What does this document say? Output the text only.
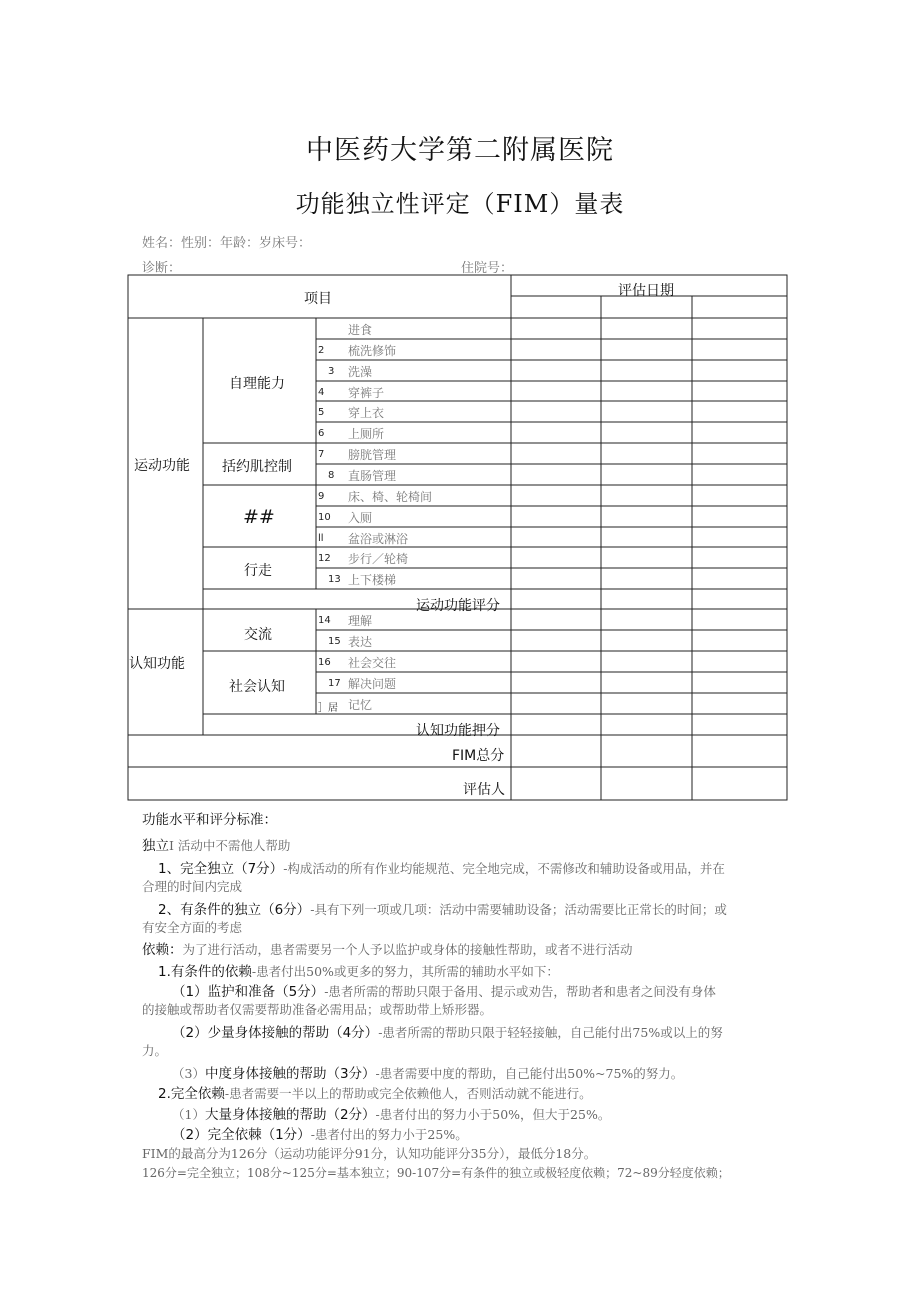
中医药大学第二附属医院
功能独立性评定（FIM）量表
姓名：性别：年龄：岁床号：
诊断：	住院号：
项目	评估日期
运动功能
自理能力
括约肌控制
##
行走
运动功能评分
认知功能
交流
社会认知
认知功能押分
FIM总分
评估人
进食
2 梳洗修饰
3 洗澡
4 穿裤子
5 穿上衣
6 上厕所
7 膀胱管理
8 直肠管理
9 床、椅、轮椅间
10 入厕
ll 盆浴或淋浴
12 步行／轮椅
13 上下楼梯
14 理解
15 表达
16 社会交往
17 解决问题
］居 记忆
功能水平和评分标准：
独立I 活动中不需他人帮助
1、完全独立（7分）-构成活动的所有作业均能规范、完全地完成，不需修改和辅助设备或用品，并在
合理的时间内完成
2、有条件的独立（6分）-具有下列一项或几项：活动中需要辅助设备；活动需要比正常长的时间；或
有安全方面的考虑
依赖：为了进行活动，患者需要另一个人予以监护或身体的接触性帮助，或者不进行活动
1.有条件的依赖-患者付出50%或更多的努力，其所需的辅助水平如下：
（1）监护和准备（5分）-患者所需的帮助只限于备用、提示或劝告，帮助者和患者之间没有身体
的接触或帮助者仅需要帮助准备必需用品；或帮助带上矫形器。
（2）少量身体接触的帮助（4分）-患者所需的帮助只限于轻轻接触，自己能付出75%或以上的努
力。
（3）中度身体接触的帮助（3分）-患者需要中度的帮助，自己能付出50%~75%的努力。
2.完全依赖-患者需要一半以上的帮助或完全依赖他人，否则活动就不能进行。
（1）大量身体接触的帮助（2分）-患者付出的努力小于50%，但大于25%。
（2）完全依棘（1分）-患者付出的努力小于25%。
FIM的最高分为126分（运动功能评分91分，认知功能评分35分），最低分18分。
126分=完全独立；108分~125分=基本独立；90-107分=有条件的独立或极轻度依赖；72~89分轻度依赖；
